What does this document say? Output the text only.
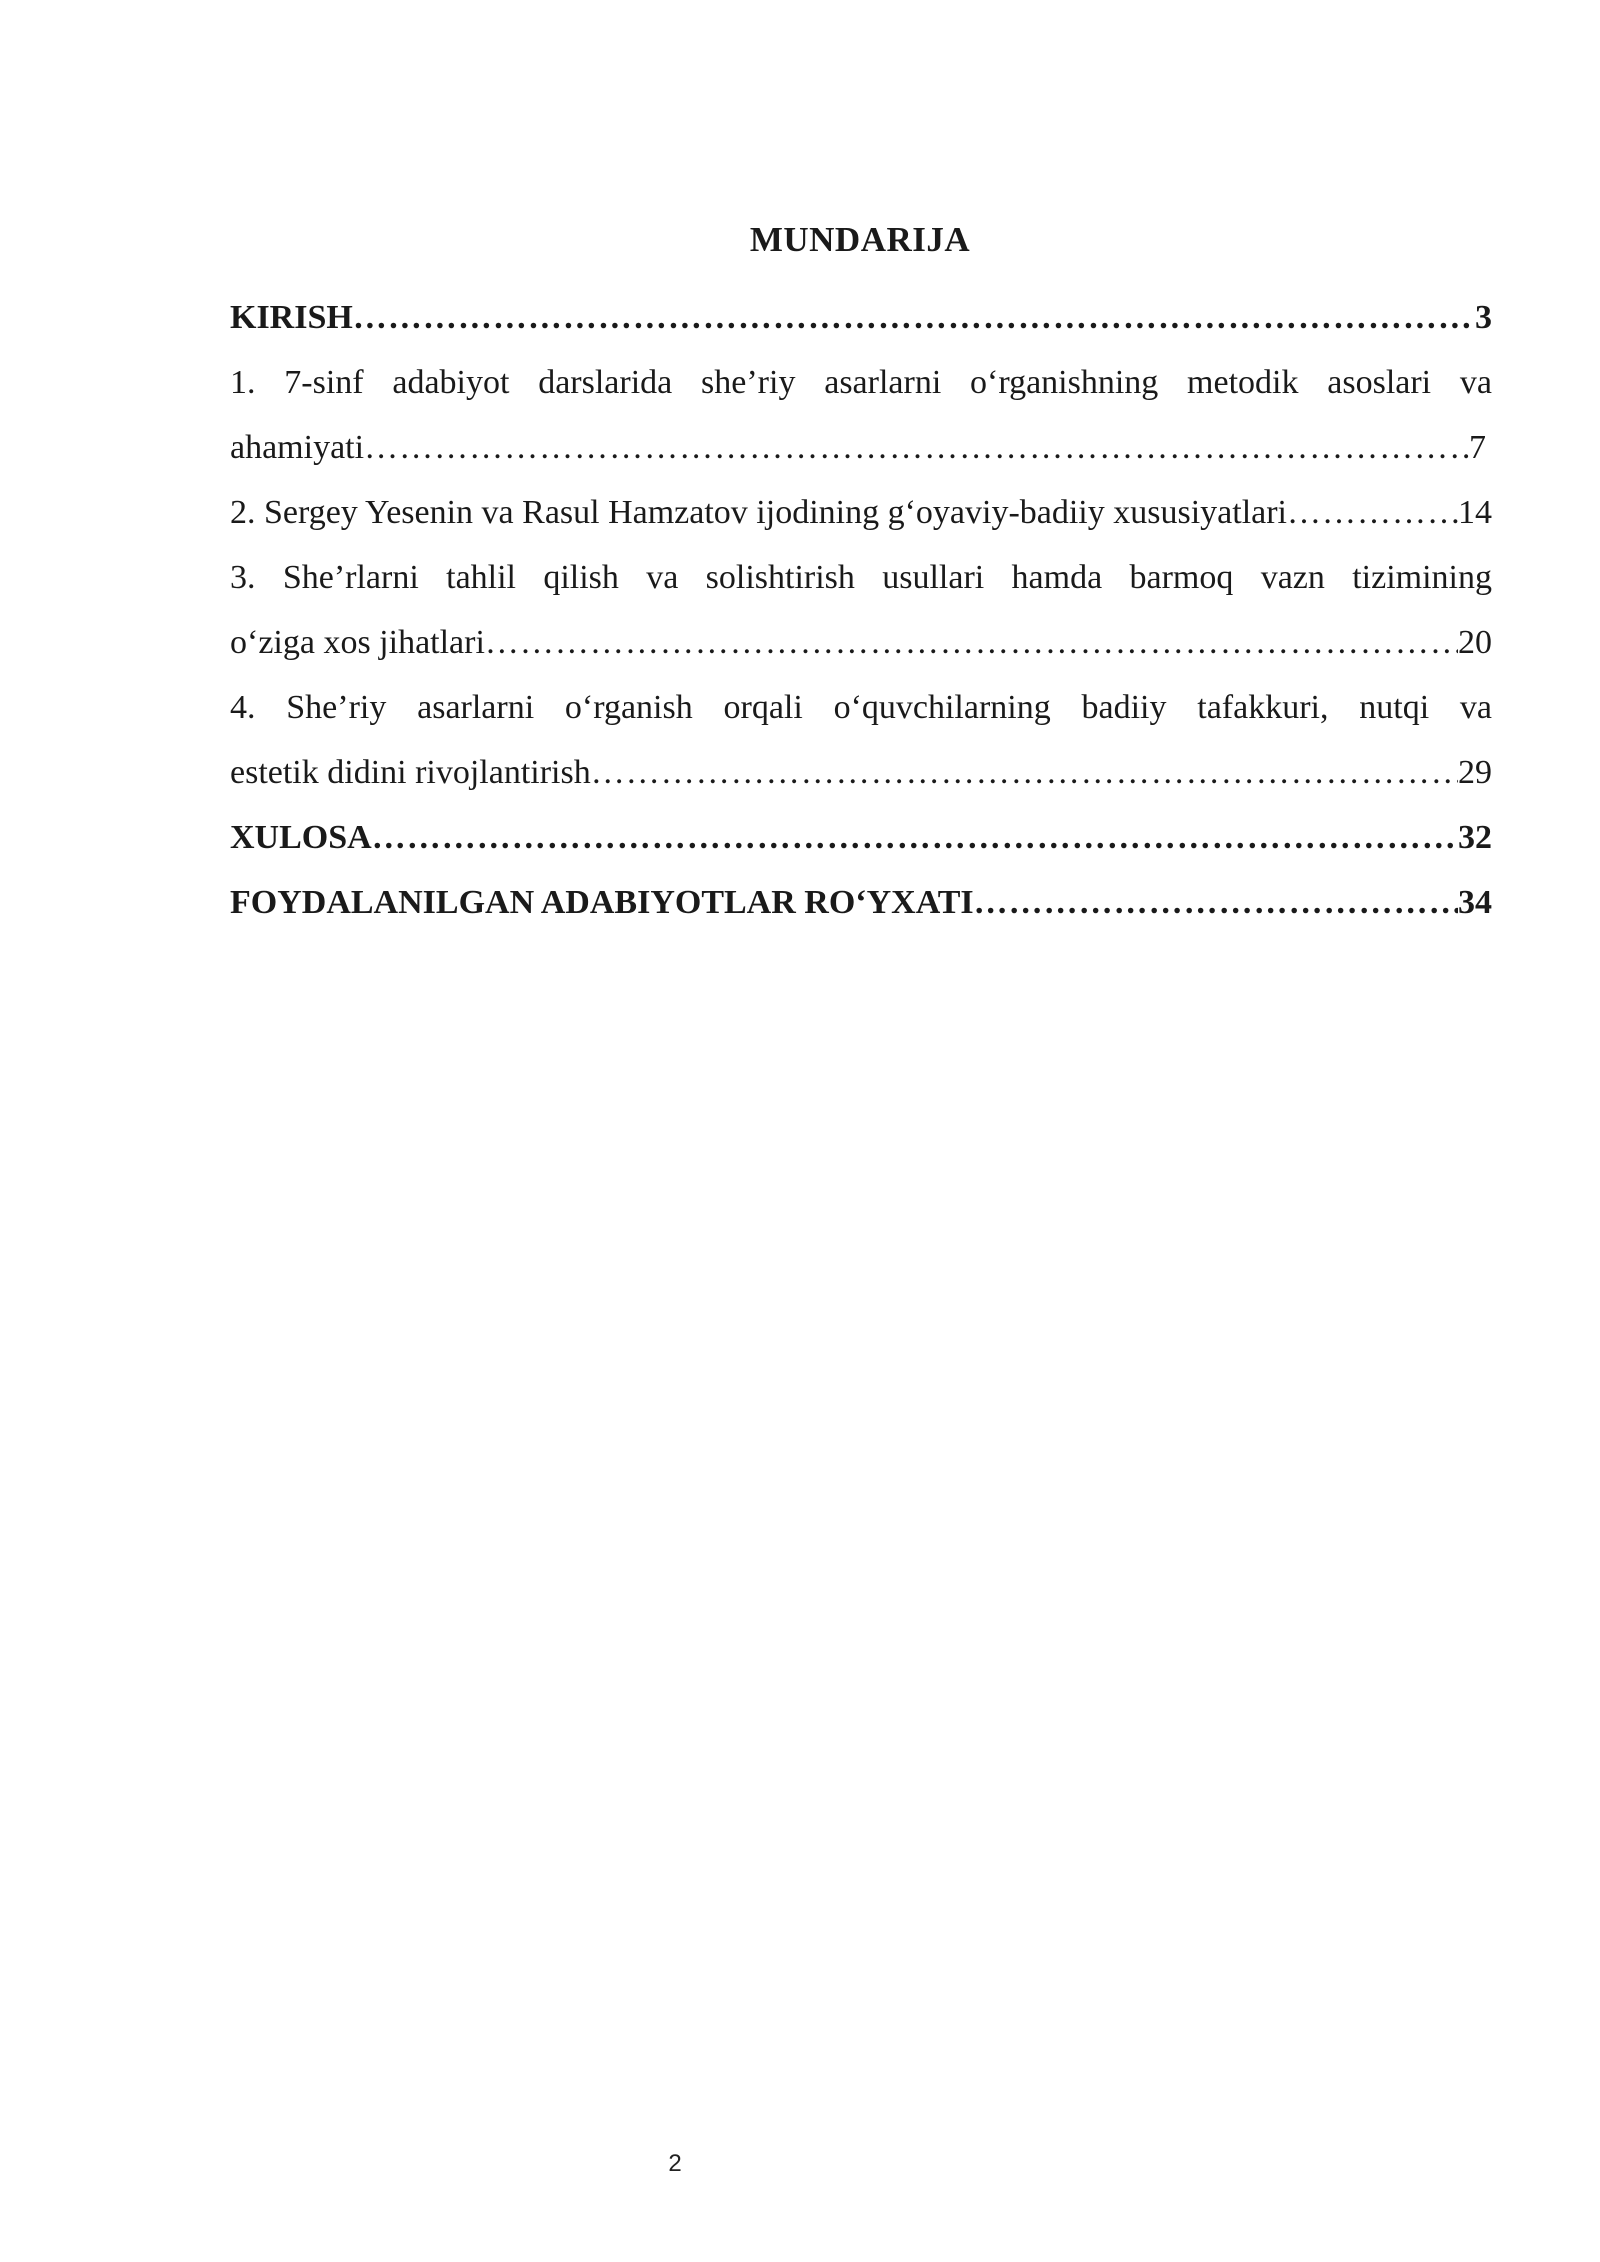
MUNDARIJA
KIRISH ……………………………………………………………………………………………………………………………………………………………………………………	3
1. 7-sinf adabiyot darslarida she’riy asarlarni o‘rganishning metodik asoslari va
ahamiyati ……………………………………………………………………………………………………………………………………………………………………………………	7
2. Sergey Yesenin va Rasul Hamzatov ijodining g‘oyaviy-badiiy xususiyatlari ……………………………………………………………………………………………………………………………………………………………………………………	14
3. She’rlarni tahlil qilish va solishtirish usullari hamda barmoq vazn tizimining
o‘ziga xos jihatlari ……………………………………………………………………………………………………………………………………………………………………………………	20
4. She’riy asarlarni o‘rganish orqali o‘quvchilarning badiiy tafakkuri, nutqi va
estetik didini rivojlantirish ……………………………………………………………………………………………………………………………………………………………………………………	29
XULOSA ……………………………………………………………………………………………………………………………………………………………………………………	32
FOYDALANILGAN ADABIYOTLAR RO‘YXATI ……………………………………………………………………………………………………………………………………………………………………………………	34
2
